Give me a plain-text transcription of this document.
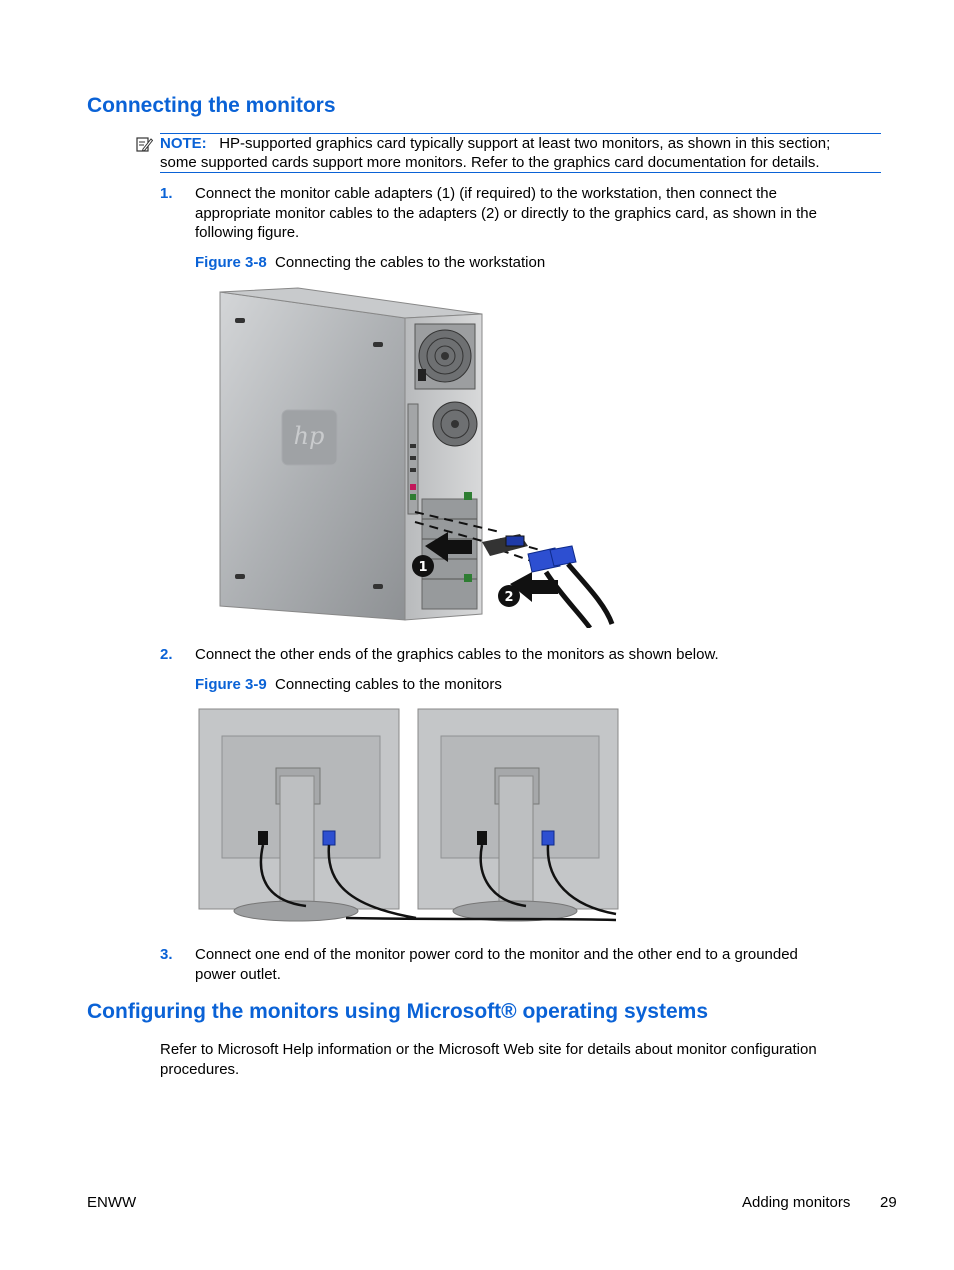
Connecting the monitors
NOTE: HP-supported graphics card typically support at least two monitors, as shown in this section;
some supported cards support more monitors. Refer to the graphics card documentation for details.
1. Connect the monitor cable adapters (1) (if required) to the workstation, then connect the
appropriate monitor cables to the adapters (2) or directly to the graphics card, as shown in the
following figure.
Figure 3-8 Connecting the cables to the workstation
hp
1
2
2. Connect the other ends of the graphics cables to the monitors as shown below.
Figure 3-9 Connecting cables to the monitors
3. Connect one end of the monitor power cord to the monitor and the other end to a grounded
power outlet.
Configuring the monitors using Microsoft® operating systems
Refer to Microsoft Help information or the Microsoft Web site for details about monitor configuration
procedures.
ENWW	Adding monitors 29
